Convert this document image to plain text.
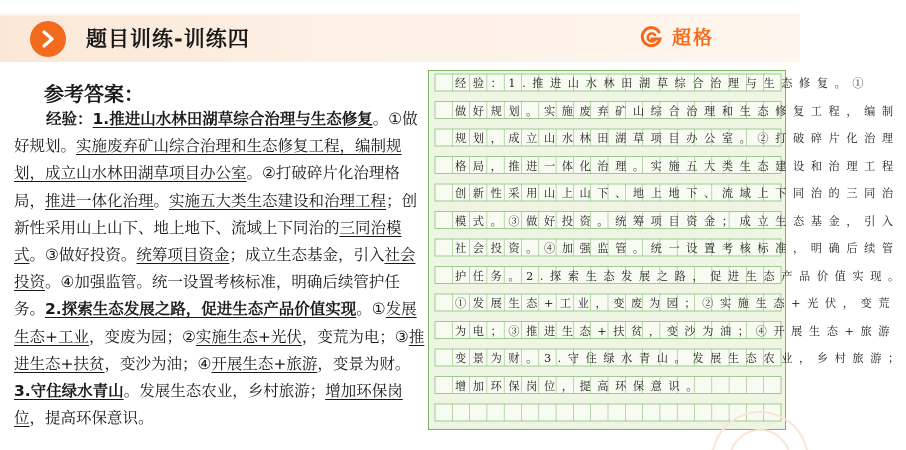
题目训练-训练四	超格
参考答案：
经验：1.推进山水林田湖草综合治理与生态修复。①做好规划。实施废弃矿山综合治理和生态修复工程，编制规划，成立山水林田湖草项目办公室。②打破碎片化治理格局，推进一体化治理。实施五大类生态建设和治理工程；创新性采用山上山下、地上地下、流域上下同治的三同治模式。③做好投资。统筹项目资金；成立生态基金，引入社会投资。④加强监管。统一设置考核标准，明确后续管护任务。2.探索生态发展之路，促进生态产品价值实现。①发展生态+工业，变废为园；②实施生态+光伏，变荒为电；③推进生态+扶贫，变沙为油；④开展生态+旅游，变景为财。3.守住绿水青山。发展生态农业，乡村旅游；增加环保岗位，提高环保意识。
经验：1.推进山水林田湖草综合治理与生态修复。①
做好规划。实施废弃矿山综合治理和生态修复工程，编制
规划，成立山水林田湖草项目办公室。②打破碎片化治理
格局，推进一体化治理。实施五大类生态建设和治理工程
创新性采用山上山下、地上地下、流域上下同治的三同治
模式。③做好投资。统筹项目资金；成立生态基金，引入
社会投资。④加强监管。统一设置考核标准，明确后续管
护任务。2.探索生态发展之路，促进生态产品价值实现。
①发展生态+工业，变废为园；②实施生态+光伏，变荒
为电；③推进生态+扶贫，变沙为油；④开展生态+旅游
变景为财。3.守住绿水青山。发展生态农业，乡村旅游；
增加环保岗位，提高环保意识。
